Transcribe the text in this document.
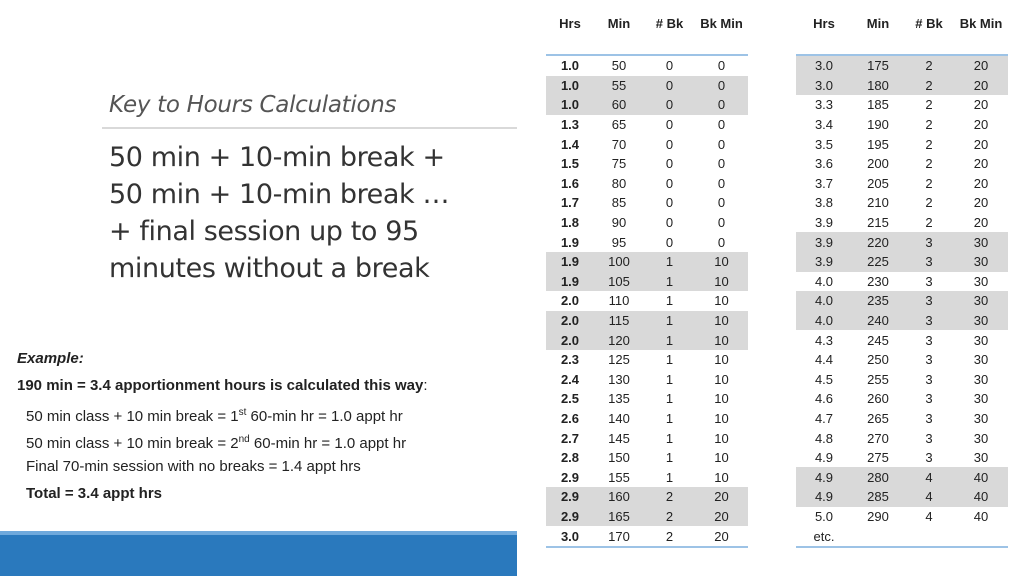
Key to Hours Calculations
50 min + 10-min break +
50 min + 10-min break …
+ final session up to 95
minutes without a break
Example:
190 min = 3.4 apportionment hours is calculated this way:
50 min class + 10 min break = 1st 60-min hr = 1.0 appt hr
50 min class + 10 min break = 2nd 60-min hr = 1.0 appt hr
Final 70-min session with no breaks = 1.4 appt hrs
Total = 3.4 appt hrs
Hrs	Min	# Bk	Bk Min
1.0	50	0	0
1.0	55	0	0
1.0	60	0	0
1.3	65	0	0
1.4	70	0	0
1.5	75	0	0
1.6	80	0	0
1.7	85	0	0
1.8	90	0	0
1.9	95	0	0
1.9	100	1	10
1.9	105	1	10
2.0	110	1	10
2.0	115	1	10
2.0	120	1	10
2.3	125	1	10
2.4	130	1	10
2.5	135	1	10
2.6	140	1	10
2.7	145	1	10
2.8	150	1	10
2.9	155	1	10
2.9	160	2	20
2.9	165	2	20
3.0	170	2	20
Hrs	Min	# Bk	Bk Min
3.0	175	2	20
3.0	180	2	20
3.3	185	2	20
3.4	190	2	20
3.5	195	2	20
3.6	200	2	20
3.7	205	2	20
3.8	210	2	20
3.9	215	2	20
3.9	220	3	30
3.9	225	3	30
4.0	230	3	30
4.0	235	3	30
4.0	240	3	30
4.3	245	3	30
4.4	250	3	30
4.5	255	3	30
4.6	260	3	30
4.7	265	3	30
4.8	270	3	30
4.9	275	3	30
4.9	280	4	40
4.9	285	4	40
5.0	290	4	40
etc.			
